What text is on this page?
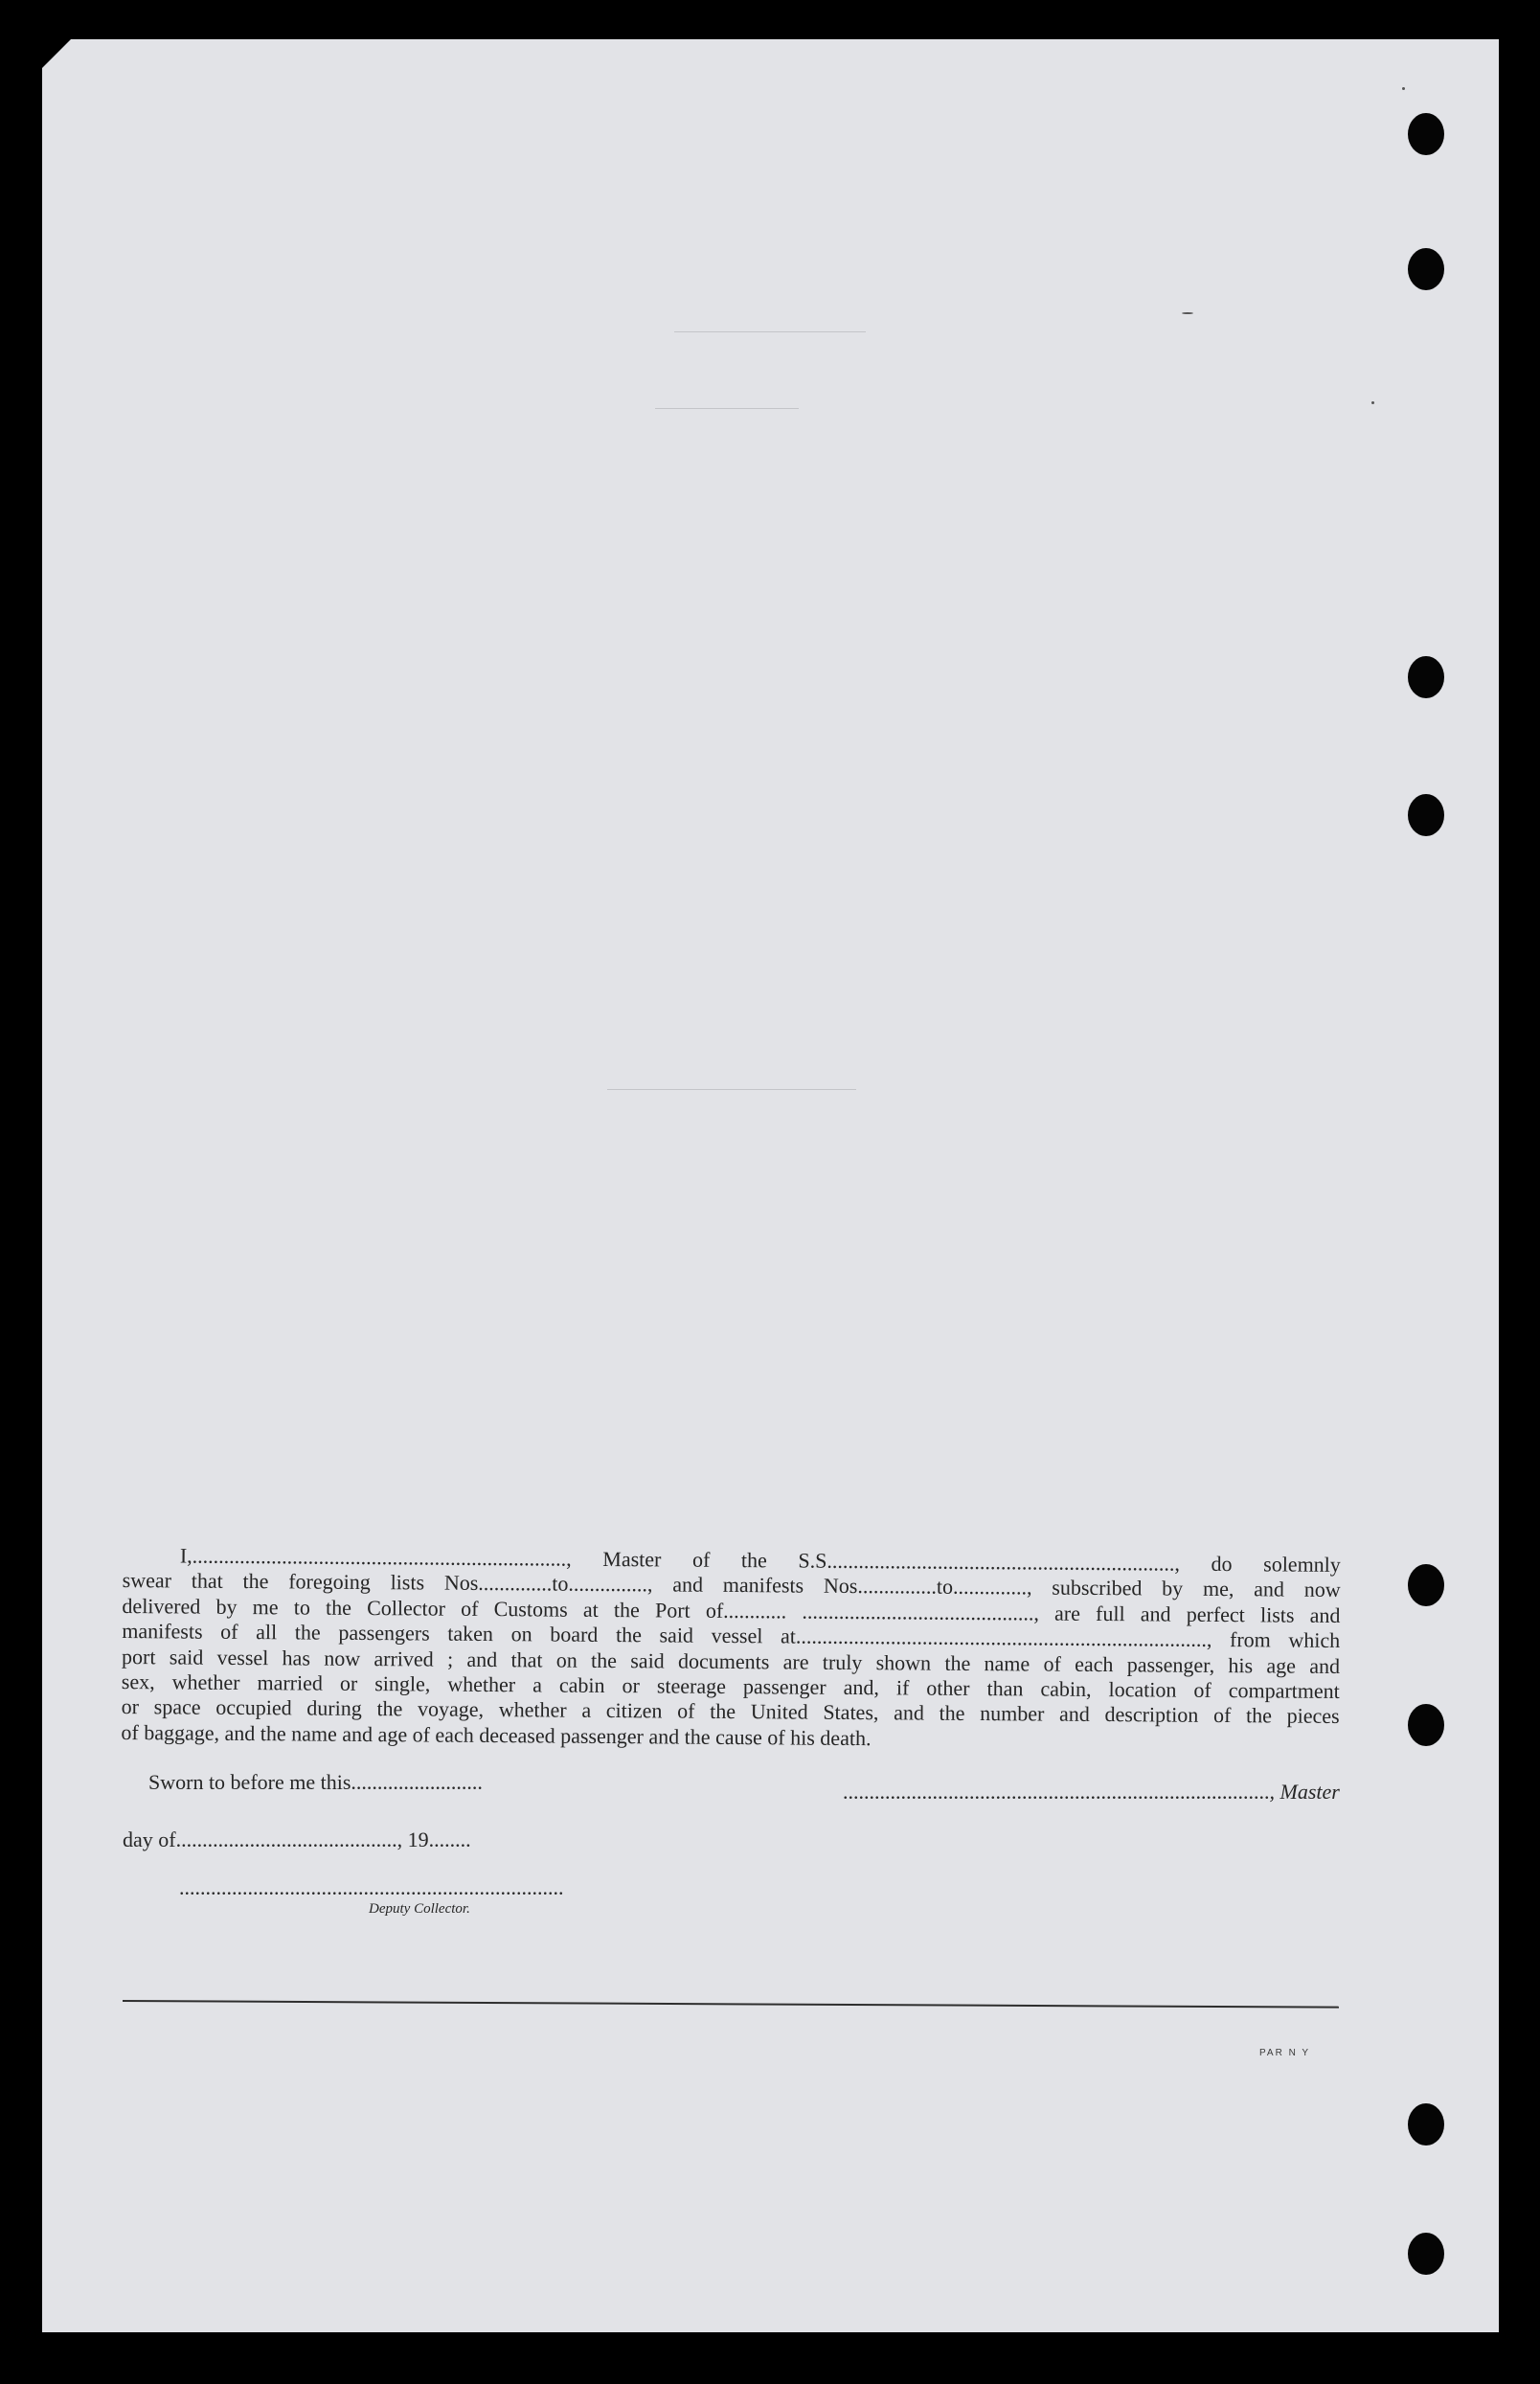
I,......................................................................., Master of the S.S.................................................................., do solemnly
swear that the foregoing lists Nos..............to..............., and manifests Nos...............to.............., subscribed by me, and now
delivered by me to the Collector of Customs at the Port of............ ............................................, are full and perfect lists and
manifests of all the passengers taken on board the said vessel at.............................................................................., from which
port said vessel has now arrived ; and that on the said documents are truly shown the name of each passenger, his age and
sex, whether married or single, whether a cabin or steerage passenger and, if other than cabin, location of compartment
or space occupied during the voyage, whether a citizen of the United States, and the number and description of the pieces
of baggage, and the name and age of each deceased passenger and the cause of his death.
Sworn to before me this.........................
day of.........................................., 19........
................................................................................., Master
.........................................................................
Deputy Collector.
PAR N Y
